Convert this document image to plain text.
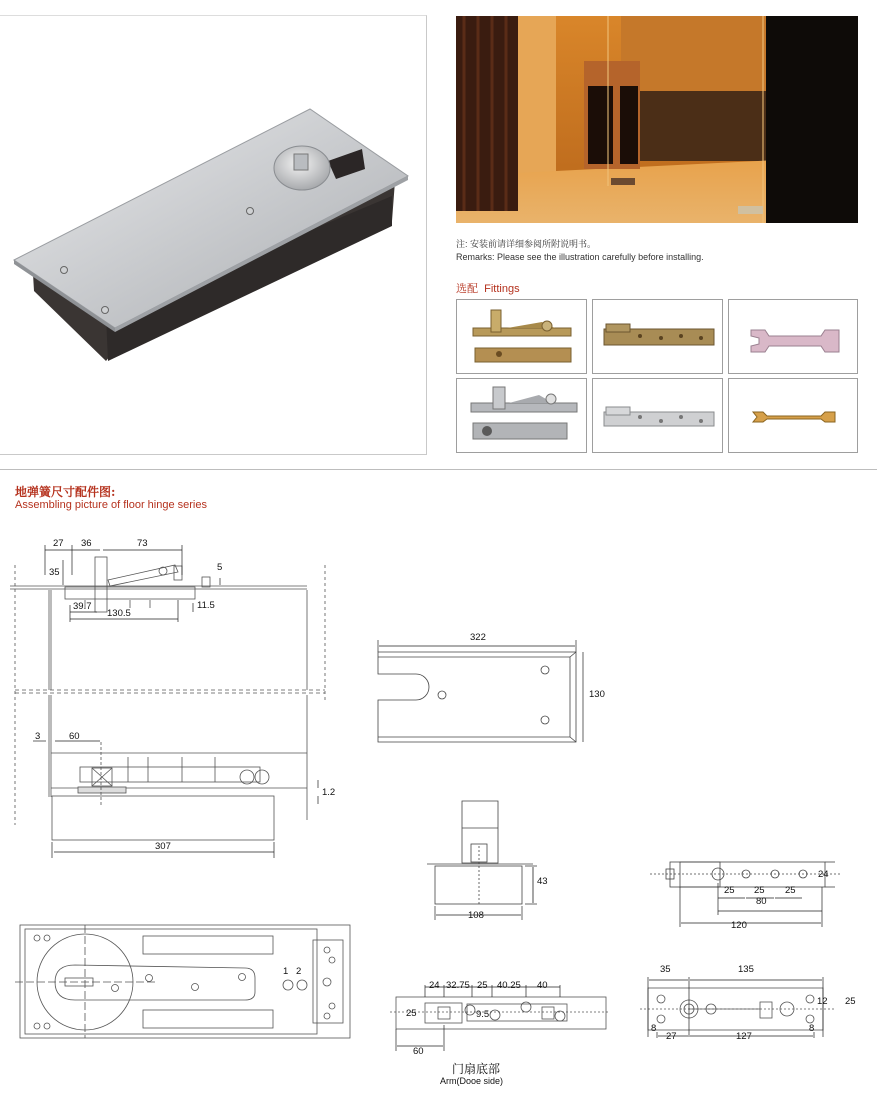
注: 安装前请详细参阅所附说明书。
Remarks: Please see the illustration carefully before installing.
选配 Fittings
地弹簧尺寸配件图:
Assembling picture of floor hinge series
27 36	73
35	5
39.7
130.5
11.5
3	60
1.2
307
322
130
43
108
24
25 25 25
80
120
1 2
24 32.75 25 40.25 40
25	9.5
60
门扇底部
Arm(Dooe side)
35	135
8
27	127
8
12 25
